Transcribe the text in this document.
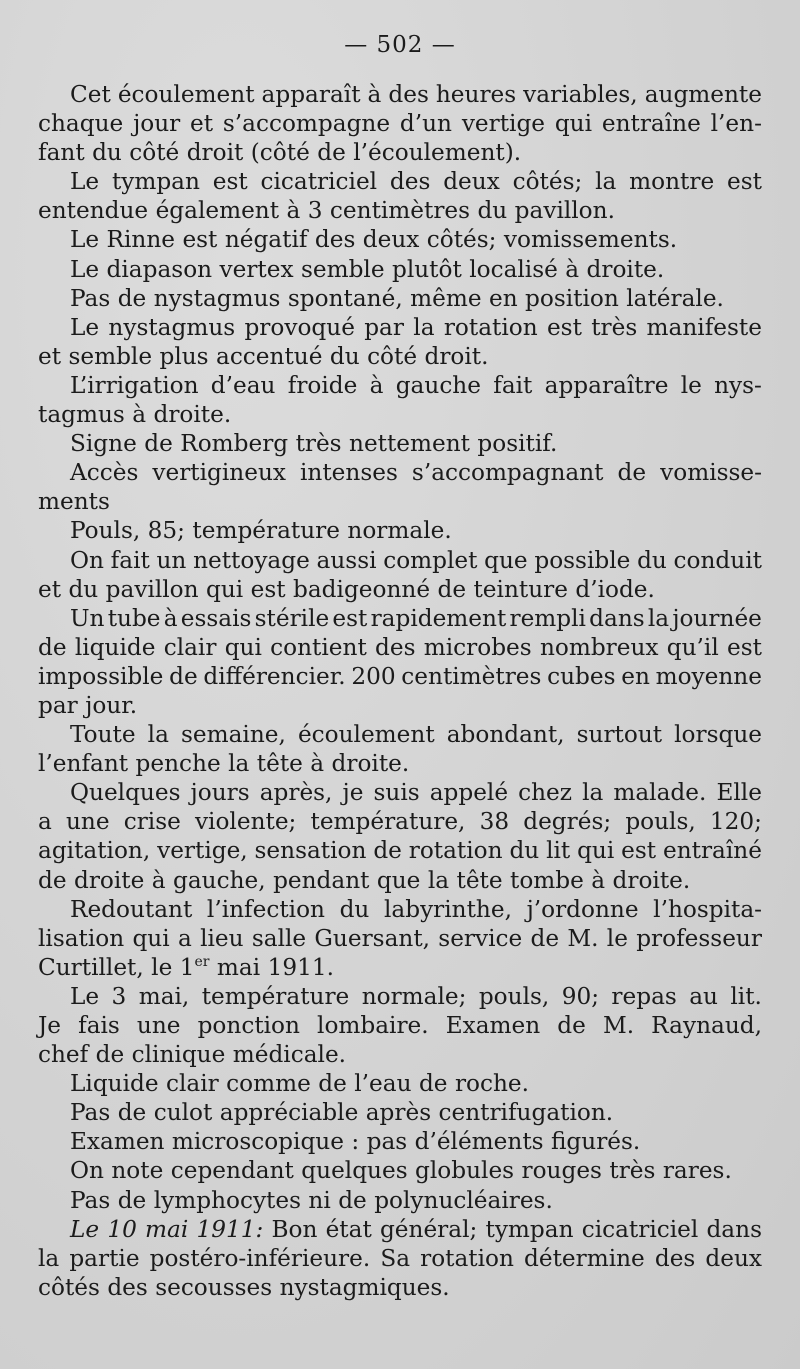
— 502 —
Cet écoulement apparaît à des heures variables, augmente
chaque jour et s’accompagne d’un vertige qui entraîne l’en-
fant du côté droit (côté de l’écoulement).
Le tympan est cicatriciel des deux côtés; la montre est
entendue également à 3 centimètres du pavillon.
Le Rinne est négatif des deux côtés; vomissements.
Le diapason vertex semble plutôt localisé à droite.
Pas de nystagmus spontané, même en position latérale.
Le nystagmus provoqué par la rotation est très manifeste
et semble plus accentué du côté droit.
L’irrigation d’eau froide à gauche fait apparaître le nys-
tagmus à droite.
Signe de Romberg très nettement positif.
Accès vertigineux intenses s’accompagnant de vomisse-
ments
Pouls, 85; température normale.
On fait un nettoyage aussi complet que possible du conduit
et du pavillon qui est badigeonné de teinture d’iode.
Un tube à essais stérile est rapidement rempli dans la journée
de liquide clair qui contient des microbes nombreux qu’il est
impossible de différencier. 200 centimètres cubes en moyenne
par jour.
Toute la semaine, écoulement abondant, surtout lorsque
l’enfant penche la tête à droite.
Quelques jours après, je suis appelé chez la malade. Elle
a une crise violente; température, 38 degrés; pouls, 120;
agitation, vertige, sensation de rotation du lit qui est entraîné
de droite à gauche, pendant que la tête tombe à droite.
Redoutant l’infection du labyrinthe, j’ordonne l’hospita-
lisation qui a lieu salle Guersant, service de M. le professeur
Curtillet, le 1er mai 1911.
Le 3 mai, température normale; pouls, 90; repas au lit.
Je fais une ponction lombaire. Examen de M. Raynaud,
chef de clinique médicale.
Liquide clair comme de l’eau de roche.
Pas de culot appréciable après centrifugation.
Examen microscopique : pas d’éléments figurés.
On note cependant quelques globules rouges très rares.
Pas de lymphocytes ni de polynucléaires.
Le 10 mai 1911: Bon état général; tympan cicatriciel dans
la partie postéro-inférieure. Sa rotation détermine des deux
côtés des secousses nystagmiques.
